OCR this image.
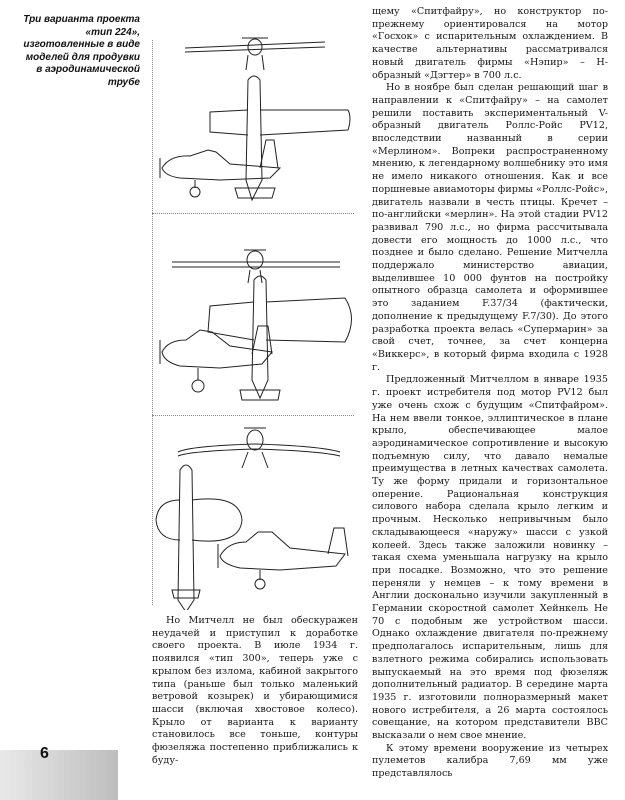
Три варианта проекта «тип 224», изготовленные в виде моделей для продувки в аэродинамической трубе

щему «Спитфайру», но конструктор по-прежнему ориентировался на мотор «Госхок» с испарительным охлаждением. В качестве альтернативы рассматривался новый двигатель фирмы «Нэпир» – Н-образный «Дэгтер» в 700 л.с.

Но в ноябре был сделан решающий шаг в направлении к «Спитфайру» – на самолет решили поставить экспериментальный V-образный двигатель Роллс-Ройс PV12, впоследствии названный в серии «Мерлином». Вопреки распространенному мнению, к легендарному волшебнику это имя не имело никакого отношения. Как и все поршневые авиамоторы фирмы «Роллс-Ройс», двигатель назвали в честь птицы. Кречет – по-английски «мерлин». На этой стадии PV12 развивал 790 л.с., но фирма рассчитывала довести его мощность до 1000 л.с., что позднее и было сделано. Решение Митчелла поддержало министерство авиации, выделившее 10 000 фунтов на постройку опытного образца самолета и оформившее это заданием F.37/34 (фактически, дополнение к предыдущему F.7/30). До этого разработка проекта велась «Супермарин» за свой счет, точнее, за счет концерна «Виккерс», в который фирма входила с 1928 г.

Предложенный Митчеллом в январе 1935 г. проект истребителя под мотор PV12 был уже очень схож с будущим «Спитфайром». На нем ввели тонкое, эллиптическое в плане крыло, обеспечивающее малое аэродинамическое сопротивление и высокую подъемную силу, что давало немалые преимущества в летных качествах самолета. Ту же форму придали и горизонтальное оперение. Рациональная конструкция силового набора сделала крыло легким и прочным. Несколько непривычным было складывающееся «наружу» шасси с узкой колеей. Здесь также заложили новинку – такая схема уменьшала нагрузку на крыло при посадке. Возможно, что это решение переняли у немцев – к тому времени в Англии досконально изучили закупленный в Германии скоростной самолет Хейнкель Не 70 с подобным же устройством шасси. Однако охлаждение двигателя по-прежнему предполагалось испарительным, лишь для взлетного режима собирались использовать выпускаемый на это время под фюзеляж дополнительный радиатор. В середине марта 1935 г. изготовили полноразмерный макет нового истребителя, а 26 марта состоялось совещание, на котором представители ВВС высказали о нем свое мнение.

К этому времени вооружение из четырех пулеметов калибра 7,69 мм уже представлялось

Но Митчелл не был обескуражен неудачей и приступил к доработке своего проекта. В июле 1934 г. появился «тип 300», теперь уже с крылом без излома, кабиной закрытого типа (раньше был только маленький ветровой козырек) и убирающимися шасси (включая хвостовое колесо). Крыло от варианта к варианту становилось все тоньше, контуры фюзеляжа постепенно приближались к буду-

6
